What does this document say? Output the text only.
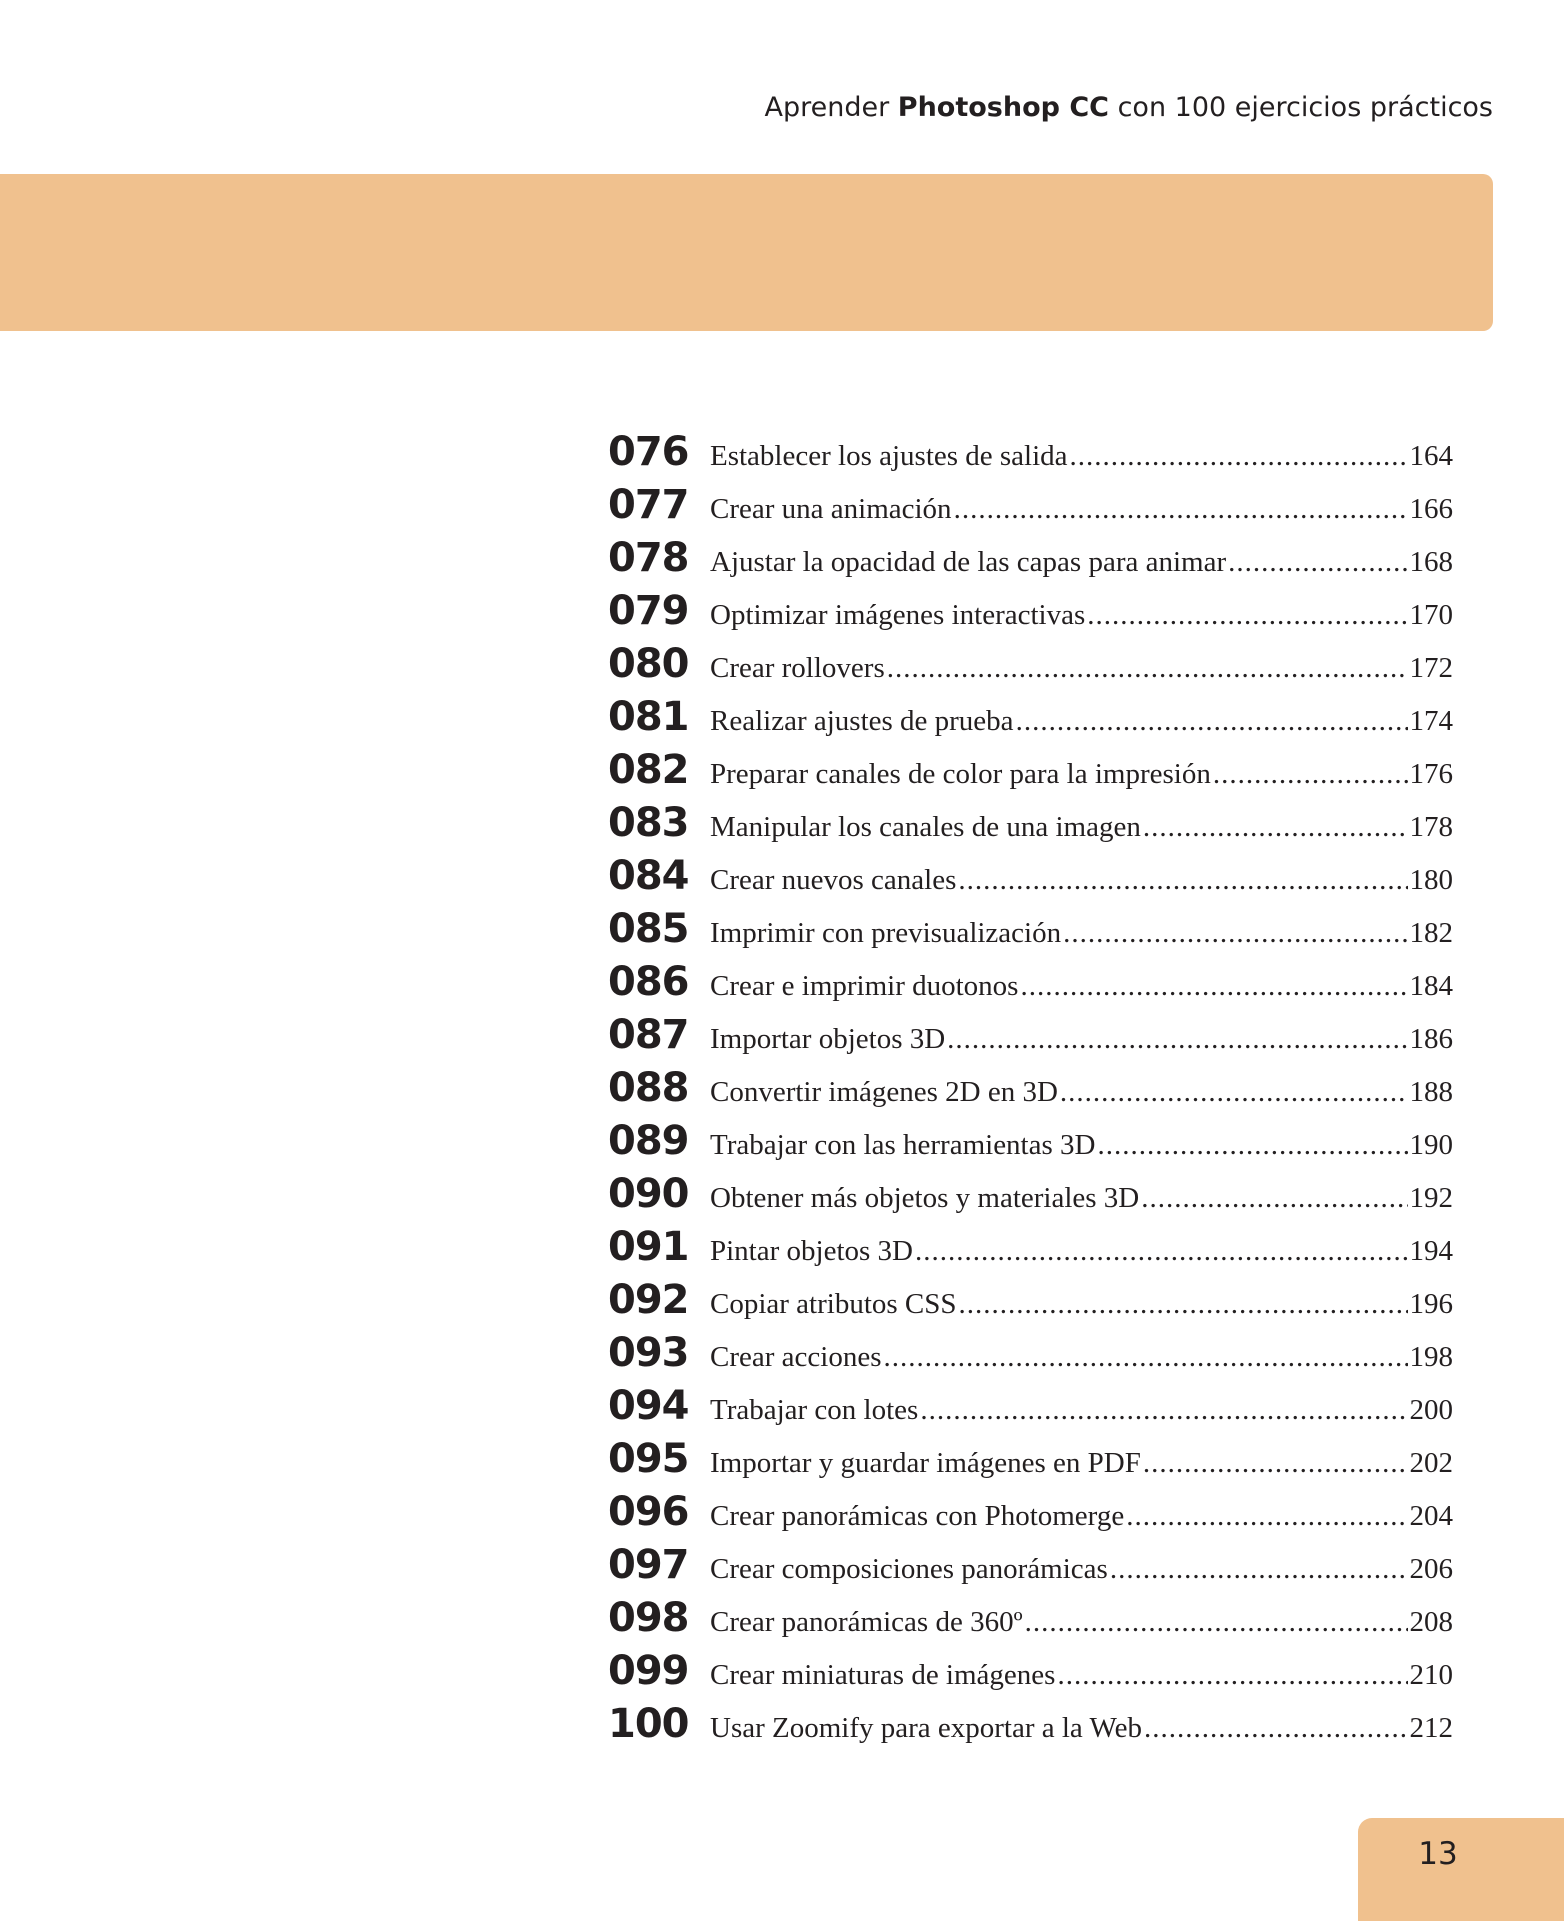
Aprender Photoshop CC con 100 ejercicios prácticos
076 Establecer los ajustes de salida .....	164
077 Crear una animación .....	166
078 Ajustar la opacidad de las capas para animar .....	168
079 Optimizar imágenes interactivas .....	170
080 Crear rollovers .....	172
081 Realizar ajustes de prueba .....	174
082 Preparar canales de color para la impresión .....	176
083 Manipular los canales de una imagen .....	178
084 Crear nuevos canales .....	180
085 Imprimir con previsualización .....	182
086 Crear e imprimir duotonos .....	184
087 Importar objetos 3D .....	186
088 Convertir imágenes 2D en 3D .....	188
089 Trabajar con las herramientas 3D .....	190
090 Obtener más objetos y materiales 3D .....	192
091 Pintar objetos 3D .....	194
092 Copiar atributos CSS .....	196
093 Crear acciones .....	198
094 Trabajar con lotes .....	200
095 Importar y guardar imágenes en PDF .....	202
096 Crear panorámicas con Photomerge .....	204
097 Crear composiciones panorámicas .....	206
098 Crear panorámicas de 360º .....	208
099 Crear miniaturas de imágenes .....	210
100 Usar Zoomify para exportar a la Web .....	212
13
